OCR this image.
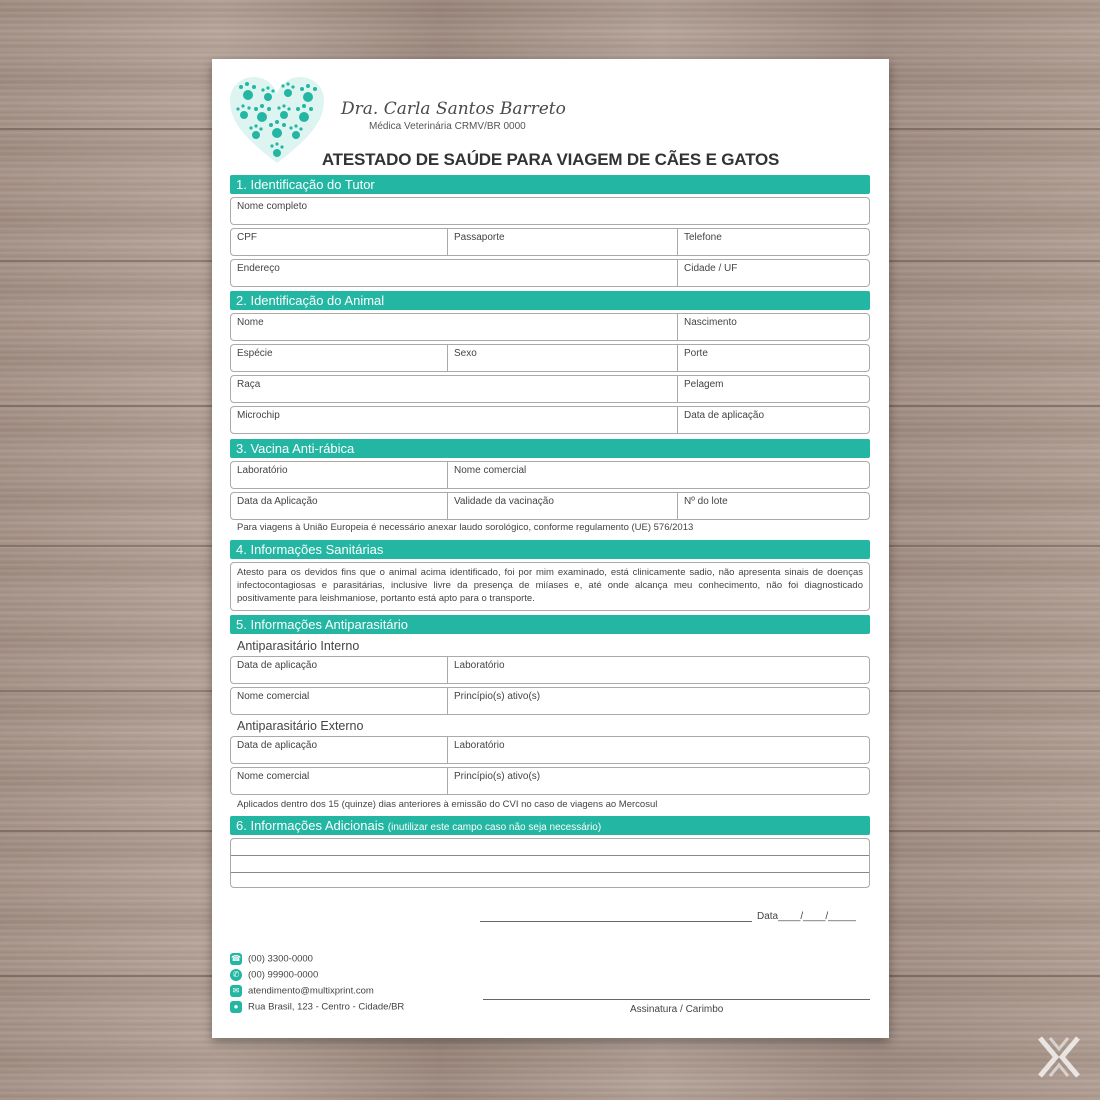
Dra. Carla Santos Barreto
Médica Veterinária CRMV/BR 0000
ATESTADO DE SAÚDE PARA VIAGEM DE CÃES E GATOS
1. Identificação do Tutor
Nome completo
CPF	Passaporte	Telefone
Endereço	Cidade / UF
2. Identificação do Animal
Nome	Nascimento
Espécie	Sexo	Porte
Raça	Pelagem
Microchip	Data de aplicação
3. Vacina Anti-rábica
Laboratório	Nome comercial
Data da Aplicação	Validade da vacinação	Nº do lote
Para viagens à União Europeia é necessário anexar laudo sorológico, conforme regulamento (UE) 576/2013
4. Informações Sanitárias
Atesto para os devidos fins que o animal acima identificado, foi por mim examinado, está clinicamente sadio, não apresenta sinais de doenças infectocontagiosas e parasitárias, inclusive livre da presença de miíases e, até onde alcança meu conhecimento, não foi diagnosticado positivamente para leishmaniose, portanto está apto para o transporte.
5. Informações Antiparasitário
Antiparasitário Interno
Data de aplicação	Laboratório
Nome comercial	Princípio(s) ativo(s)
Antiparasitário Externo
Data de aplicação	Laboratório
Nome comercial	Princípio(s) ativo(s)
Aplicados dentro dos 15 (quinze) dias anteriores à emissão do CVI no caso de viagens ao Mercosul
6. Informações Adicionais (inutilizar este campo caso não seja necessário)
Data____/____/_____
Assinatura / Carimbo
☎ (00) 3300-0000
✆ (00) 99900-0000
✉ atendimento@multixprint.com
● Rua Brasil, 123 - Centro - Cidade/BR
